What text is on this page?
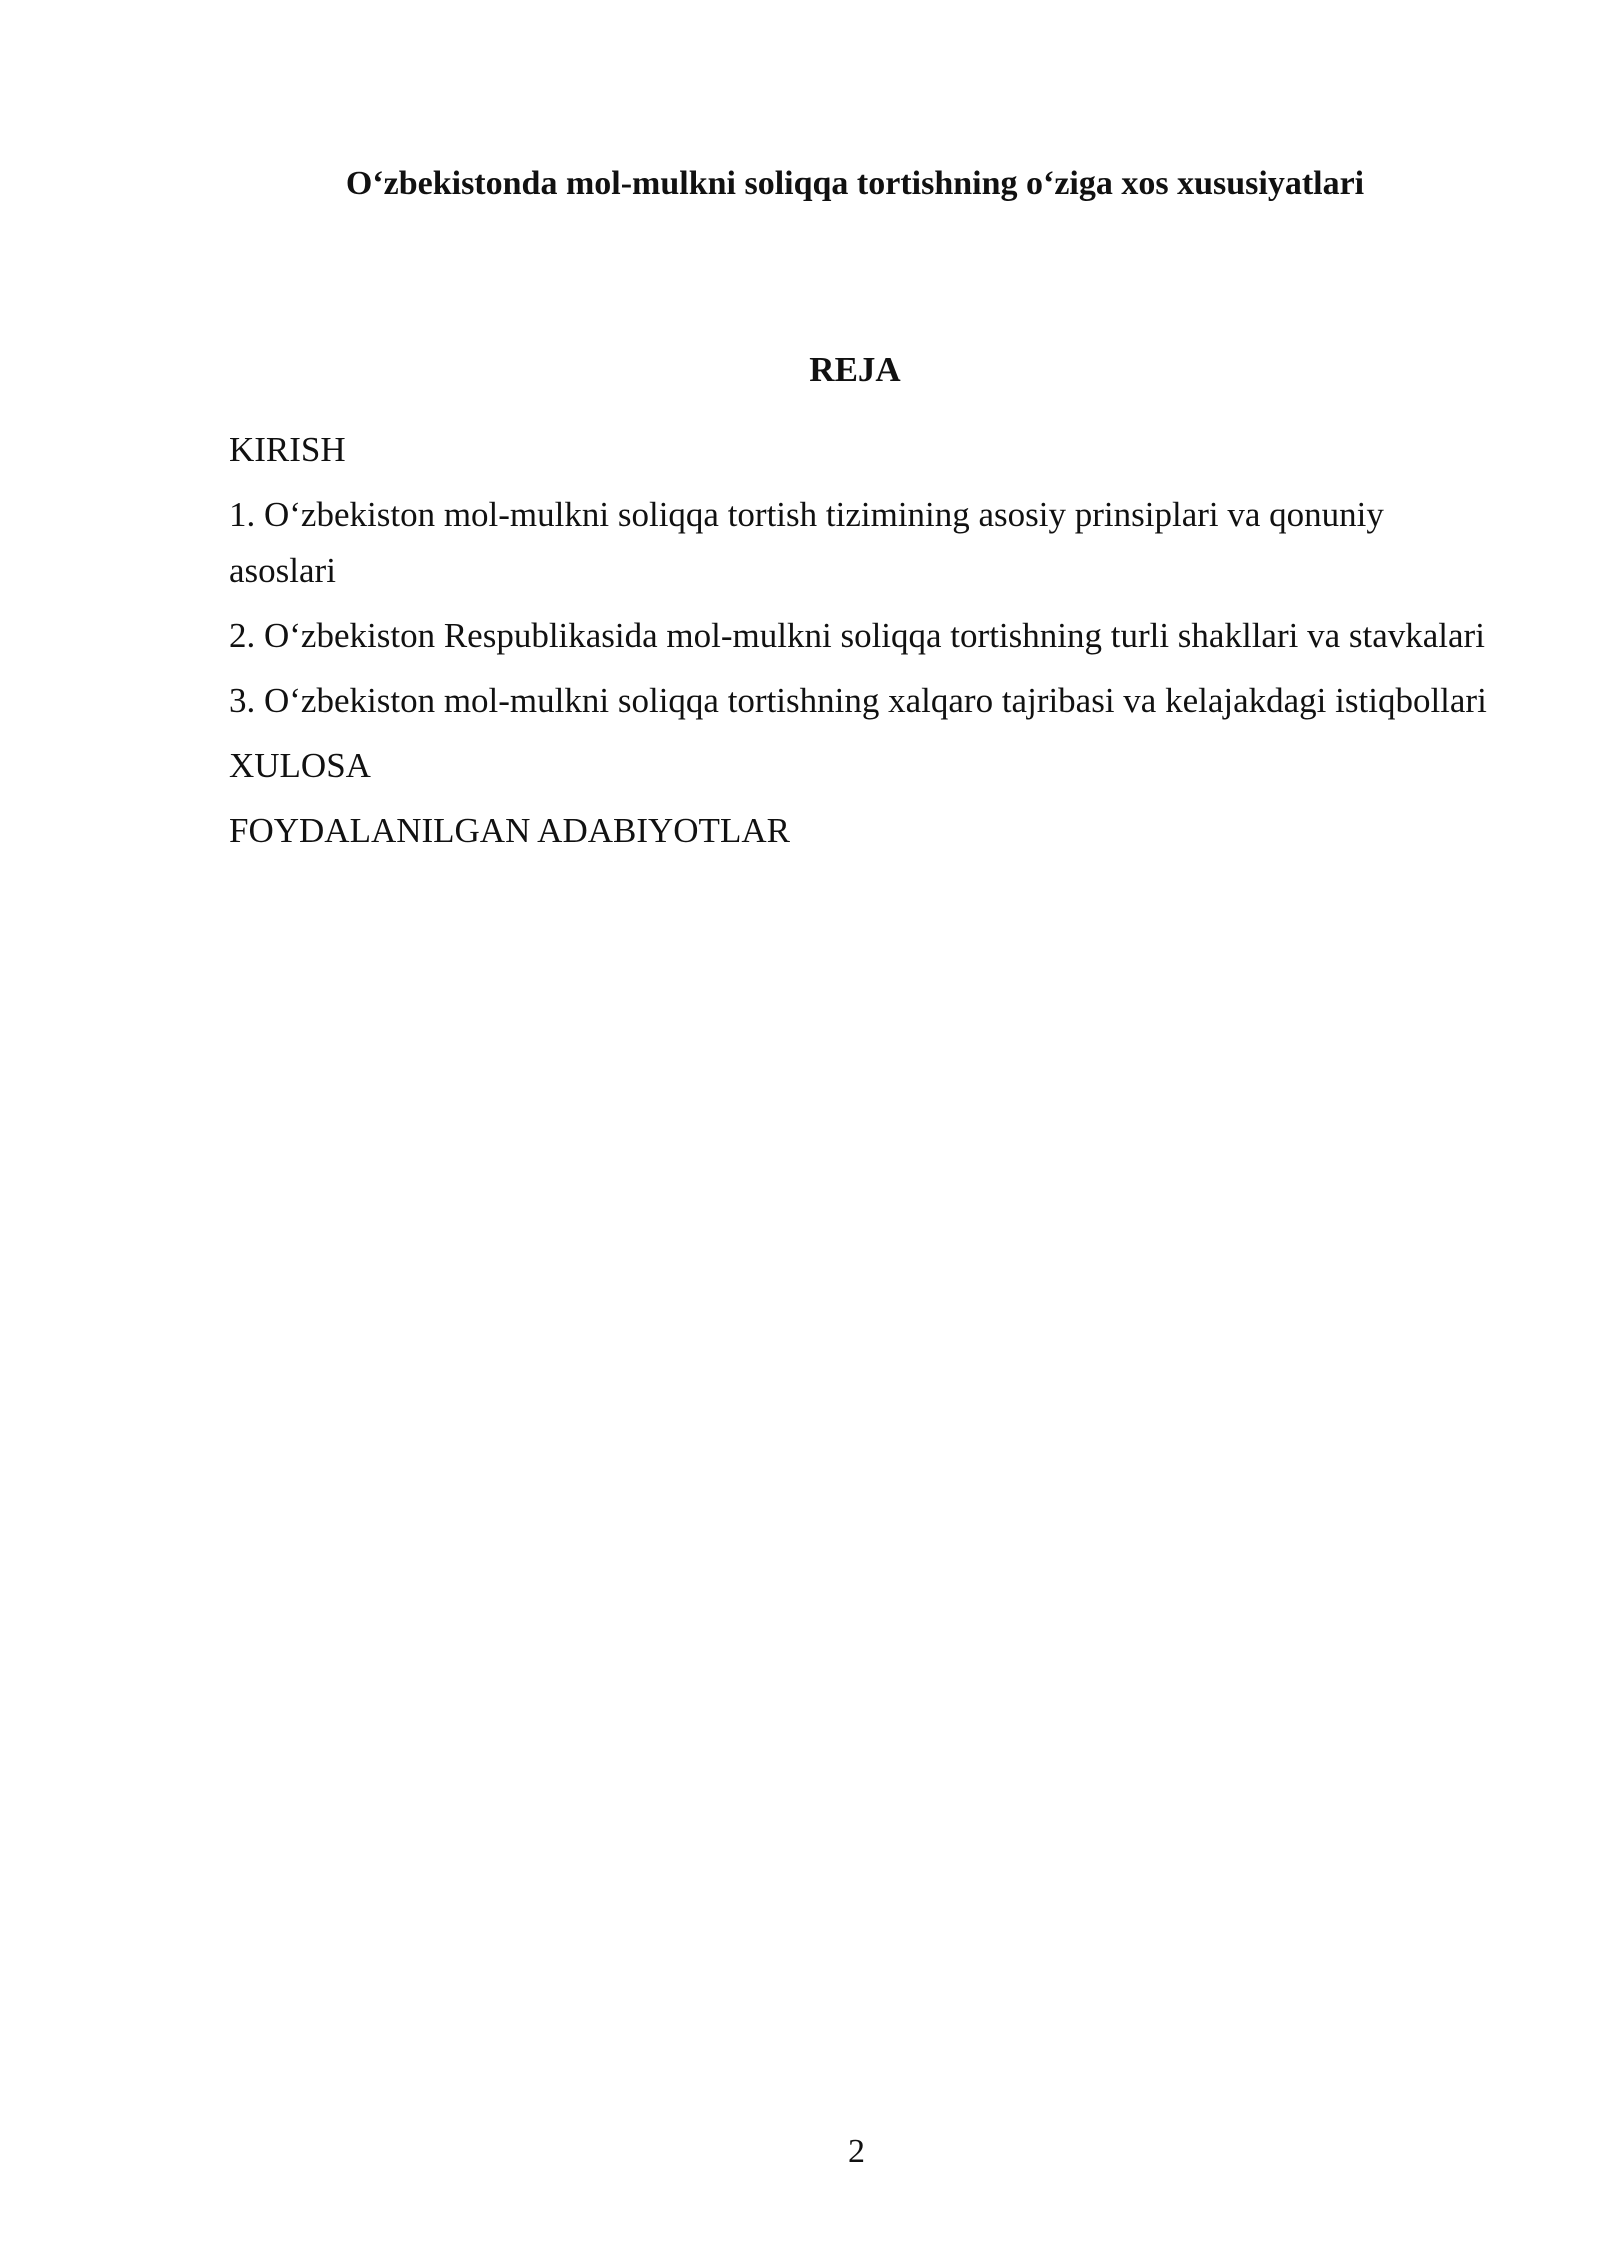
O‘zbekistonda mol-mulkni soliqqa tortishning o‘ziga xos xususiyatlari
REJA
KIRISH
1. O‘zbekiston mol-mulkni soliqqa tortish tizimining asosiy prinsiplari va qonuniy asoslari
2. O‘zbekiston Respublikasida mol-mulkni soliqqa tortishning turli shakllari va stavkalari
3. O‘zbekiston mol-mulkni soliqqa tortishning xalqaro tajribasi va kelajakdagi istiqbollari
XULOSA
FOYDALANILGAN ADABIYOTLAR
2
